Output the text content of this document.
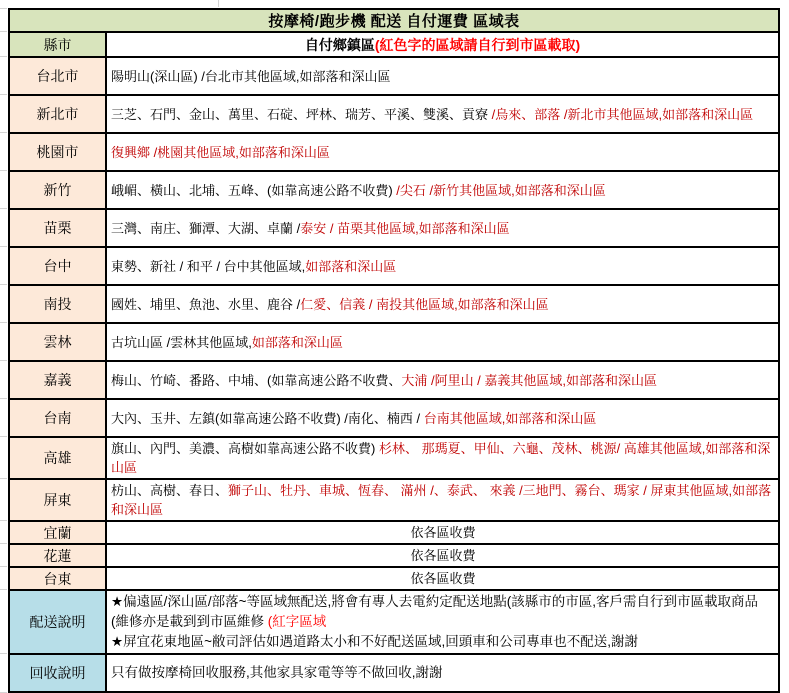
按摩椅/跑步機 配送 自付運費 區域表	
縣市	自付鄉鎮區(紅色字的區域請自行到市區載取)
台北市	陽明山(深山區) /台北市其他區域,如部落和深山區
新北市	三芝、石門、金山、萬里、石碇、坪林、瑞芳、平溪、雙溪、貢寮 /烏來、部落 /新北市其他區域,如部落和深山區
桃園市	復興鄉 /桃園其他區域,如部落和深山區
新竹	峨嵋、橫山、北埔、五峰、(如靠高速公路不收費) /尖石 /新竹其他區域,如部落和深山區
苗栗	三灣、南庄、獅潭、大湖、卓蘭 /泰安 / 苗栗其他區域,如部落和深山區
台中	東勢、新社 / 和平 / 台中其他區域,如部落和深山區
南投	國姓、埔里、魚池、水里、鹿谷 /仁愛、信義 / 南投其他區域,如部落和深山區
雲林	古坑山區 /雲林其他區域,如部落和深山區
嘉義	梅山、竹崎、番路、中埔、(如靠高速公路不收費、大浦 /阿里山 / 嘉義其他區域,如部落和深山區
台南	大內、玉井、左鎮(如靠高速公路不收費) /南化、楠西 / 台南其他區域,如部落和深山區
高雄	旗山、內門、美濃、高樹如靠高速公路不收費) 杉林、 那瑪夏、甲仙、六龜、茂林、桃源/ 高雄其他區域,如部落和深山區
屏東	枋山、高樹、春日、獅子山、牡丹、車城、恆春、 滿州 /、泰武、 來義 /三地門、霧台、瑪家 / 屏東其他區域,如部落和深山區
宜蘭	依各區收費
花蓮	依各區收費
台東	依各區收費
配送說明	★偏遠區/深山區/部落~等區域無配送,將會有專人去電約定配送地點(該縣市的市區,客戶需自行到市區載取商品(維修亦是載到到市區維修 (紅字區域
★屏宜花東地區~敝司評估如遇道路太小和不好配送區域,回頭車和公司專車也不配送,謝謝

回收說明	只有做按摩椅回收服務,其他家具家電等等不做回收,謝謝
